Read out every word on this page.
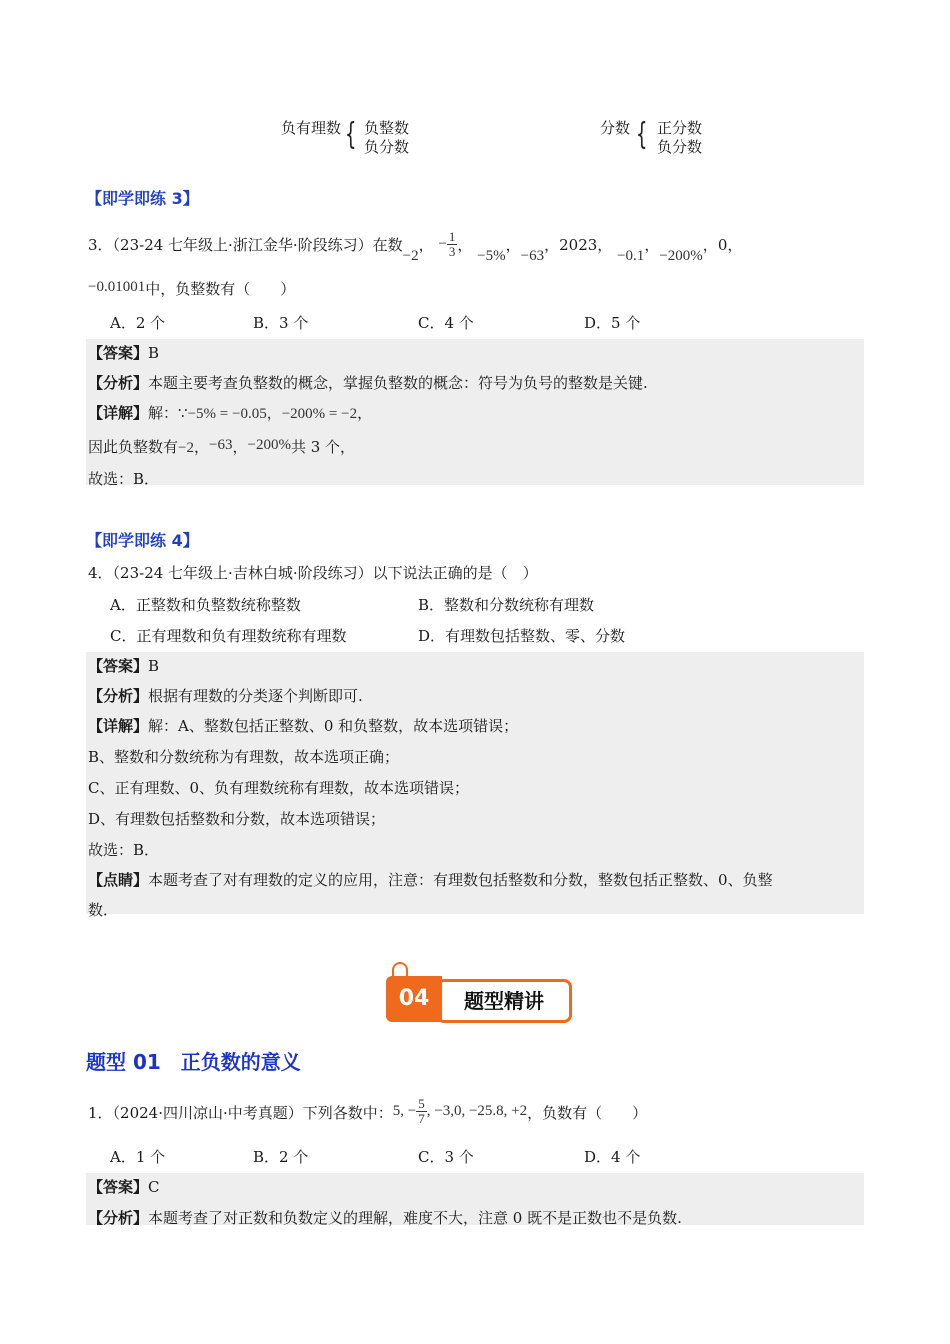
负有理数 { 负整数
负分数
分数 { 正分数
负分数
【即学即练 3】
3．（23-24 七年级上·浙江金华·阶段练习）在数−2， − $\frac{1}{3}$ ， −5%，−63，2023， −0.1，−200%，0，
−0.01001中，负整数有（　　）
A．2 个	B．3 个	C．4 个	D．5 个
【答案】B
【分析】本题主要考查负整数的概念，掌握负整数的概念：符号为负号的整数是关键.
【详解】解：∵−5% = −0.05，−200% = −2，
因此负整数有−2，−63，−200%共 3 个，
故选：B．
【即学即练 4】
4．（23-24 七年级上·吉林白城·阶段练习）以下说法正确的是（　）
A．正整数和负整数统称整数	B．整数和分数统称有理数
C．正有理数和负有理数统称有理数	D．有理数包括整数、零、分数
【答案】B
【分析】根据有理数的分类逐个判断即可.
【详解】解：A、整数包括正整数、0 和负整数，故本选项错误；
B、整数和分数统称为有理数，故本选项正确；
C、正有理数、0、负有理数统称有理数，故本选项错误；
D、有理数包括整数和分数，故本选项错误；
故选：B．
【点睛】本题考查了对有理数的定义的应用，注意：有理数包括整数和分数，整数包括正整数、0、负整
数．
题型精讲
04
题型 01　正负数的意义
1．（2024·四川凉山·中考真题）下列各数中：5, − $\frac{5}{7}$ , −3,0, −25.8, +2，负数有（　　）
A．1 个	B．2 个	C．3 个	D．4 个
【答案】C
【分析】本题考查了对正数和负数定义的理解，难度不大，注意 0 既不是正数也不是负数.
